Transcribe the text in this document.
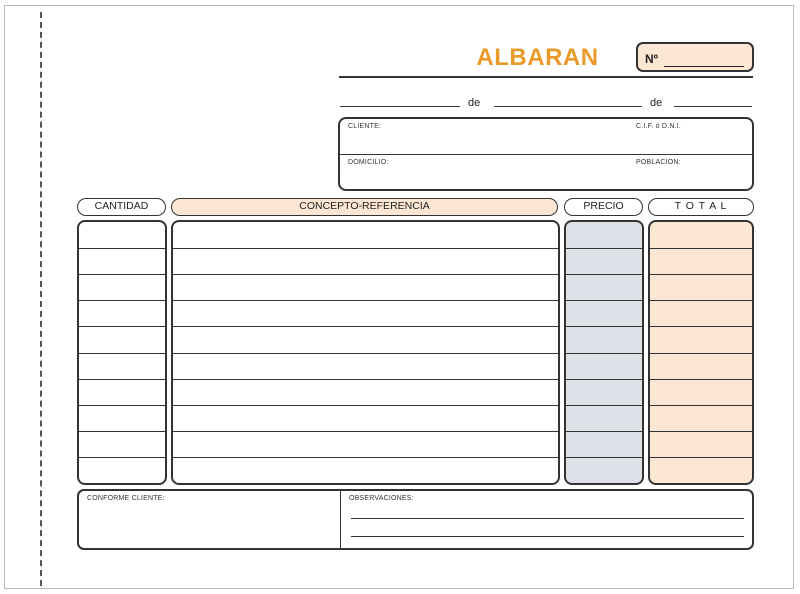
ALBARAN	Nº
de	de
CLIENTE:	C.I.F. ó D.N.I.
DOMICILIO:	POBLACION:
CANTIDAD	CONCEPTO-REFERENCIA	PRECIO	T O T A L
CONFORME CLIENTE:	OBSERVACIONES:
